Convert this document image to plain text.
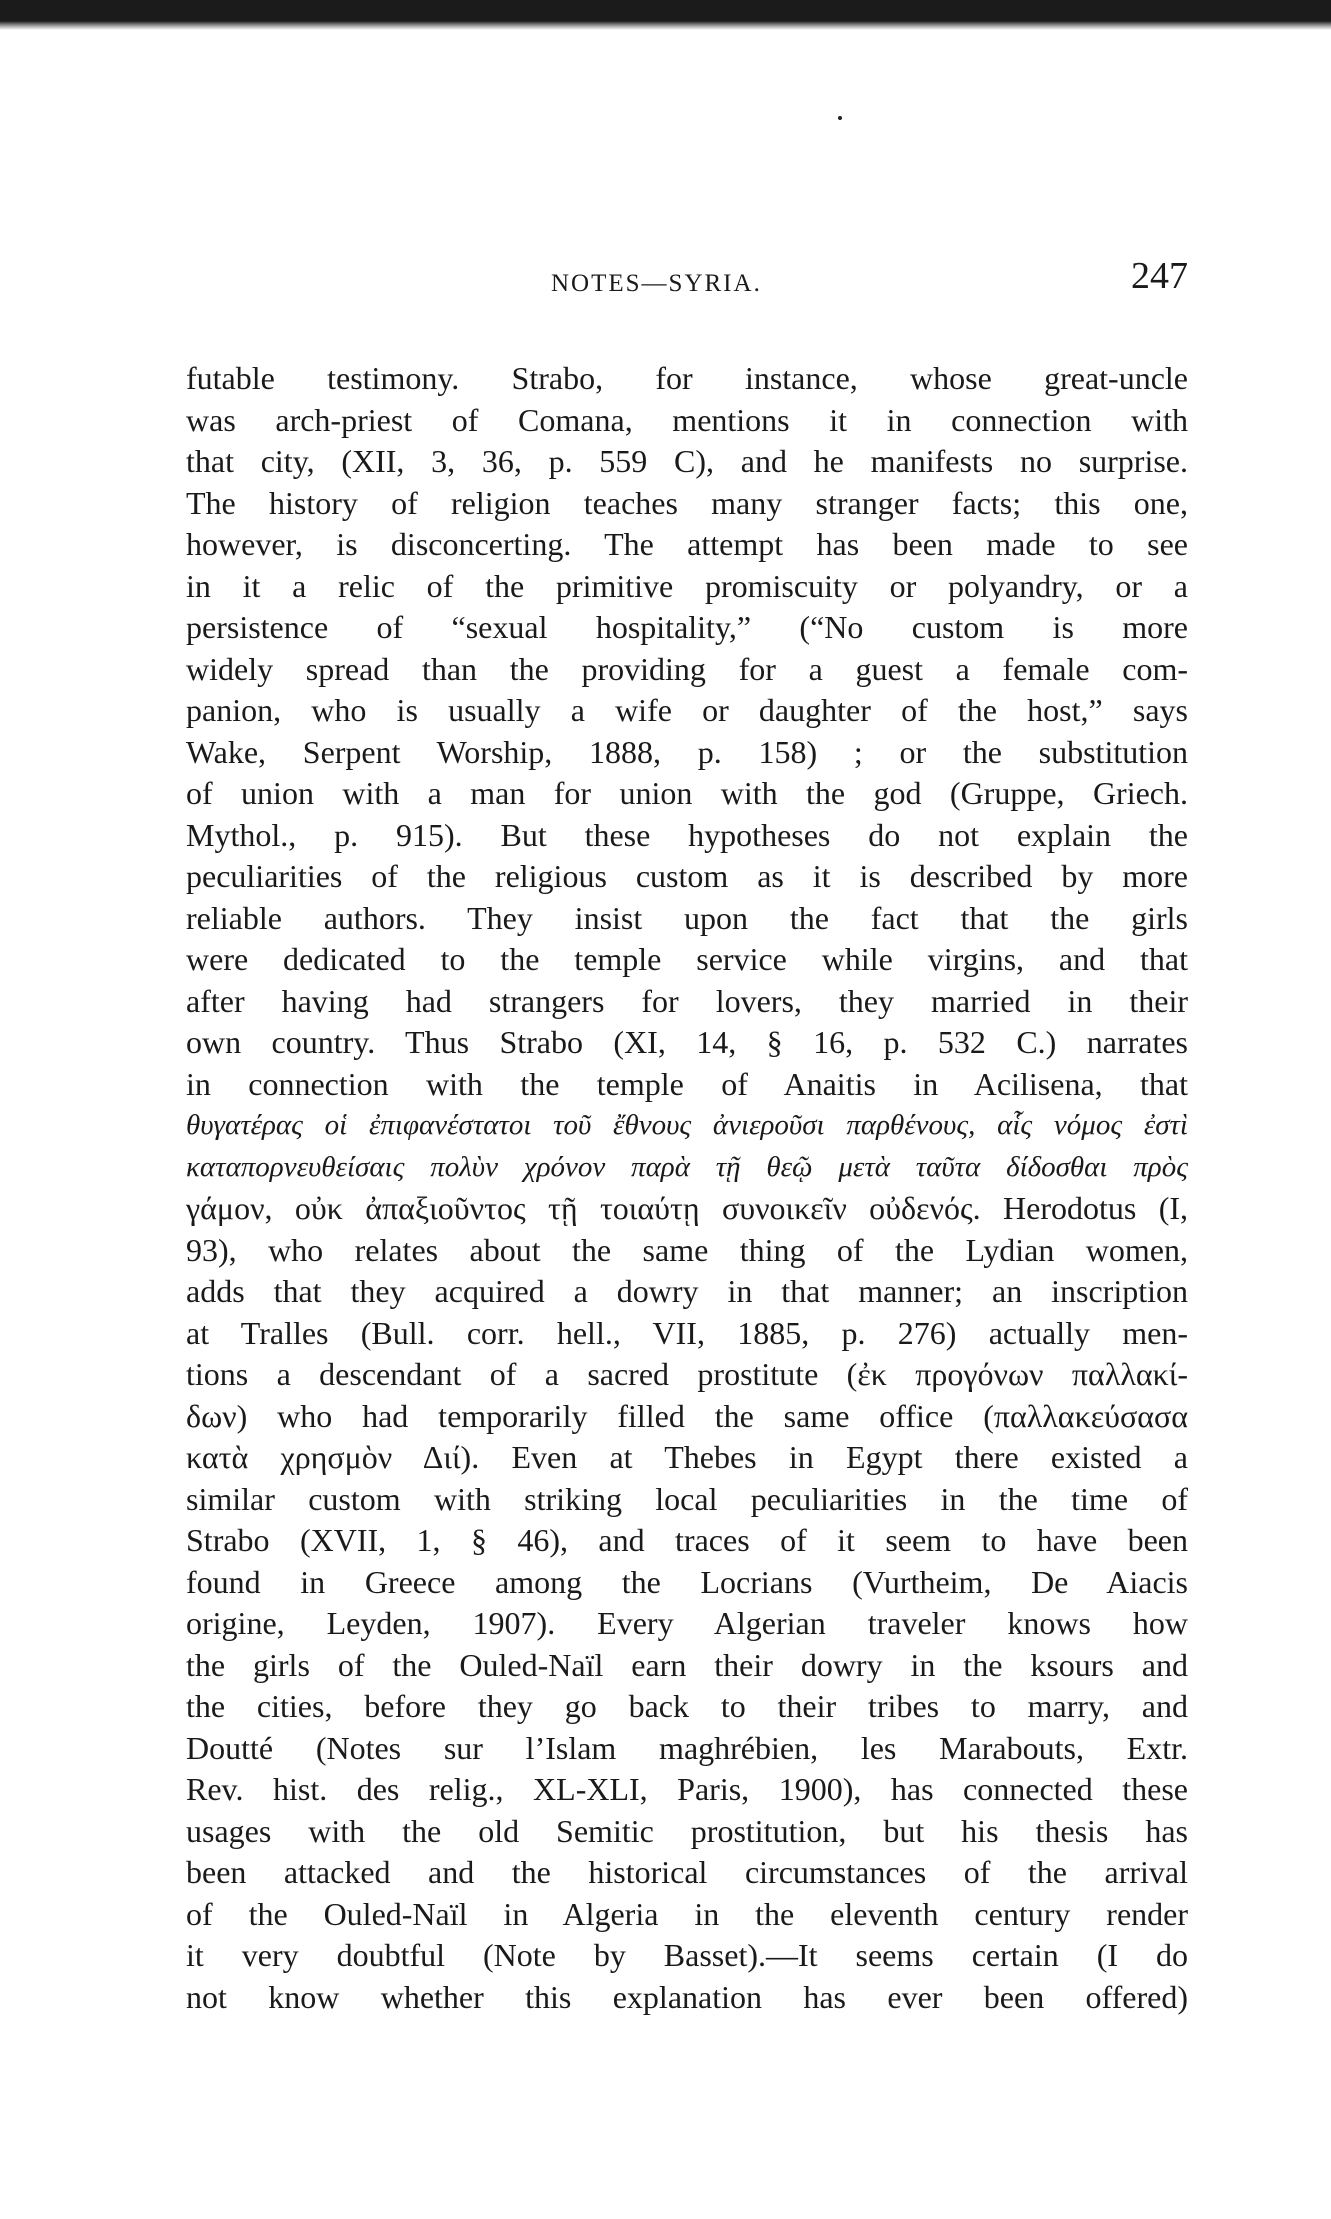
NOTES—SYRIA.	247
futable testimony. Strabo, for instance, whose great-uncle
was arch-priest of Comana, mentions it in connection with
that city, (XII, 3, 36, p. 559 C), and he manifests no surprise.
The history of religion teaches many stranger facts; this one,
however, is disconcerting. The attempt has been made to see
in it a relic of the primitive promiscuity or polyandry, or a
persistence of “sexual hospitality,” (“No custom is more
widely spread than the providing for a guest a female com-
panion, who is usually a wife or daughter of the host,” says
Wake, Serpent Worship, 1888, p. 158) ; or the substitution
of union with a man for union with the god (Gruppe, Griech.
Mythol., p. 915). But these hypotheses do not explain the
peculiarities of the religious custom as it is described by more
reliable authors. They insist upon the fact that the girls
were dedicated to the temple service while virgins, and that
after having had strangers for lovers, they married in their
own country. Thus Strabo (XI, 14, § 16, p. 532 C.) narrates
in connection with the temple of Anaitis in Acilisena, that
θυγατέρας οἱ ἐπιφανέστατοι τοῦ ἔθνους ἀνιεροῦσι παρθένους, αἷς νόμος ἐστὶ
καταπορνευθείσαις πολὺν χρόνον παρὰ τῇ θεῷ μετὰ ταῦτα δίδοσθαι πρὸς
γάμον, οὐκ ἀπαξιοῦντος τῇ τοιαύτῃ συνοικεῖν οὐδενός. Herodotus (I,
93), who relates about the same thing of the Lydian women,
adds that they acquired a dowry in that manner; an inscription
at Tralles (Bull. corr. hell., VII, 1885, p. 276) actually men-
tions a descendant of a sacred prostitute (ἐκ προγόνων παλλακί-
δων) who had temporarily filled the same office (παλλακεύσασα
κατὰ χρησμὸν Διί). Even at Thebes in Egypt there existed a
similar custom with striking local peculiarities in the time of
Strabo (XVII, 1, § 46), and traces of it seem to have been
found in Greece among the Locrians (Vurtheim, De Aiacis
origine, Leyden, 1907). Every Algerian traveler knows how
the girls of the Ouled-Naïl earn their dowry in the ksours and
the cities, before they go back to their tribes to marry, and
Doutté (Notes sur l’Islam maghrébien, les Marabouts, Extr.
Rev. hist. des relig., XL-XLI, Paris, 1900), has connected these
usages with the old Semitic prostitution, but his thesis has
been attacked and the historical circumstances of the arrival
of the Ouled-Naïl in Algeria in the eleventh century render
it very doubtful (Note by Basset).—It seems certain (I do
not know whether this explanation has ever been offered)
